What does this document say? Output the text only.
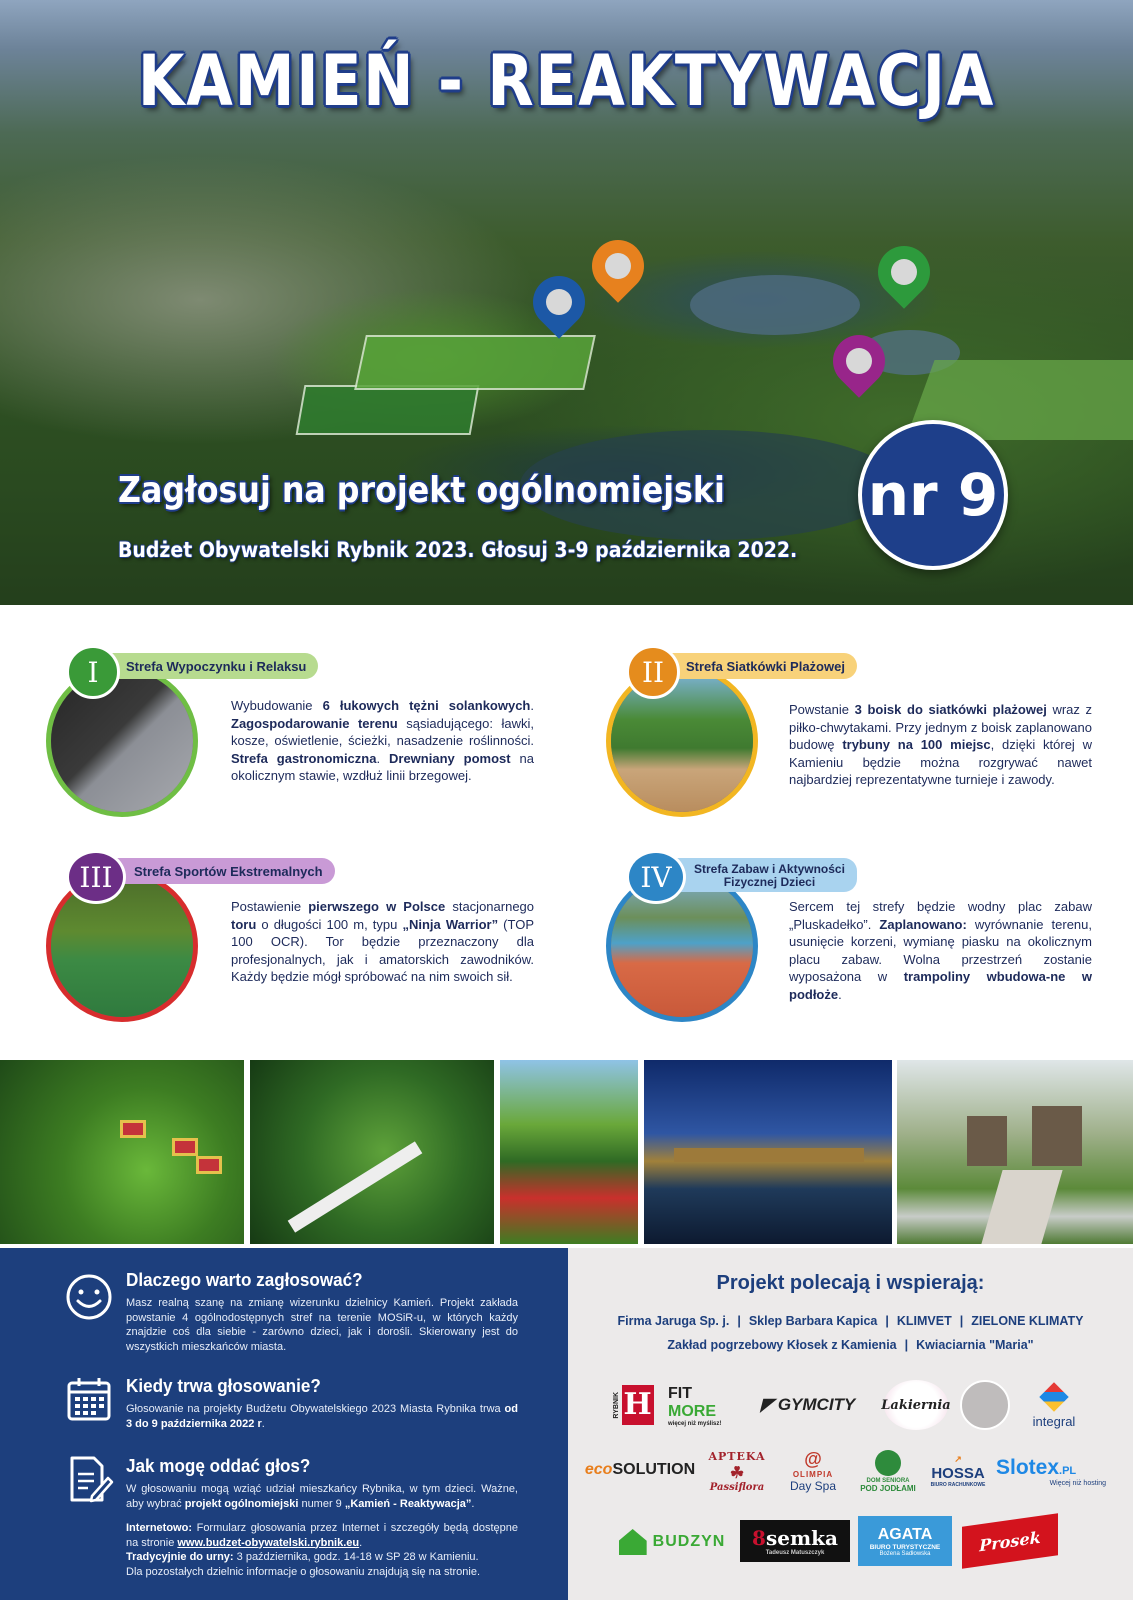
KAMIEŃ - REAKTYWACJA
Zagłosuj na projekt ogólnomiejski
Budżet Obywatelski Rybnik 2023. Głosuj 3-9 października 2022.
nr 9
I	Strefa Wypoczynku i Relaksu

Wybudowanie 6 łukowych tężni solankowych. Zagospodarowanie terenu sąsiadującego: ławki, kosze, oświetlenie, ścieżki, nasadzenie roślinności. Strefa gastronomiczna. Drewniany pomost na okolicznym stawie, wzdłuż linii brzegowej.

II	Strefa Siatkówki Plażowej

Powstanie 3 boisk do siatkówki plażowej wraz z piłko-chwytakami. Przy jednym z boisk zaplanowano budowę trybuny na 100 miejsc, dzięki której w Kamieniu będzie można rozgrywać nawet najbardziej reprezentatywne turnieje i zawody.

III	Strefa Sportów Ekstremalnych

Postawienie pierwszego w Polsce stacjonarnego toru o długości 100 m, typu „Ninja Warrior” (TOP 100 OCR). Tor będzie przeznaczony dla profesjonalnych, jak i amatorskich zawodników. Każdy będzie mógł spróbować na nim swoich sił.

IV	Strefa Zabaw i Aktywności
Fizycznej Dzieci

Sercem tej strefy będzie wodny plac zabaw „Pluskadełko”. Zaplanowano: wyrównanie terenu, usunięcie korzeni, wymianę piasku na okolicznym placu zabaw. Wolna przestrzeń zostanie wyposażona w trampoliny wbudowa-ne w podłoże.

Dlaczego warto zagłosować?

Masz realną szanę na zmianę wizerunku dzielnicy Kamień. Projekt zakłada powstanie 4 ogólnodostępnych stref na terenie MOSiR-u, w których każdy znajdzie coś dla siebie - zarówno dzieci, jak i dorośli. Skierowany jest do wszystkich mieszkańców miasta.

Kiedy trwa głosowanie?

Głosowanie na projekty Budżetu Obywatelskiego 2023 Miasta Rybnika trwa od 3 do 9 października 2022 r.

Jak mogę oddać głos?

W głosowaniu mogą wziąć udział mieszkańcy Rybnika, w tym dzieci. Ważne, aby wybrać projekt ogólnomiejski numer 9 „Kamień - Reaktywacja”.

Internetowo: Formularz głosowania przez Internet i szczegóły będą dostępne na stronie www.budzet-obywatelski.rybnik.eu.

Tradycyjnie do urny: 3 października, godz. 14-18 w SP 28 w Kamieniu.

Dla pozostałych dzielnic informacje o głosowaniu znajdują się na stronie.

Projekt polecają i wspierają:
Firma Jaruga Sp. j. | Sklep Barbara Kapica | KLIMVET | ZIELONE KLIMATY
Zakład pogrzebowy Kłosek z Kamienia | Kwiaciarnia "Maria"
RYBNIK H FIT
MORE
więcej niż myślisz!
◤ GYMCITY Lakiernia
integral
eco SOLUTION
APTEKA
☘
Passiflora
@
OLIMPIA
Day Spa	DOM SENIORA
POD JODŁAMI
↗
HOSSA
BIURO RACHUNKOWE
Slotex.PL
Więcej niż hosting
BUDZYN 8semka
Tadeusz Matuszczyk
AGATA
BIURO TURYSTYCZNE
Bożena Sadłowska	Prosek
